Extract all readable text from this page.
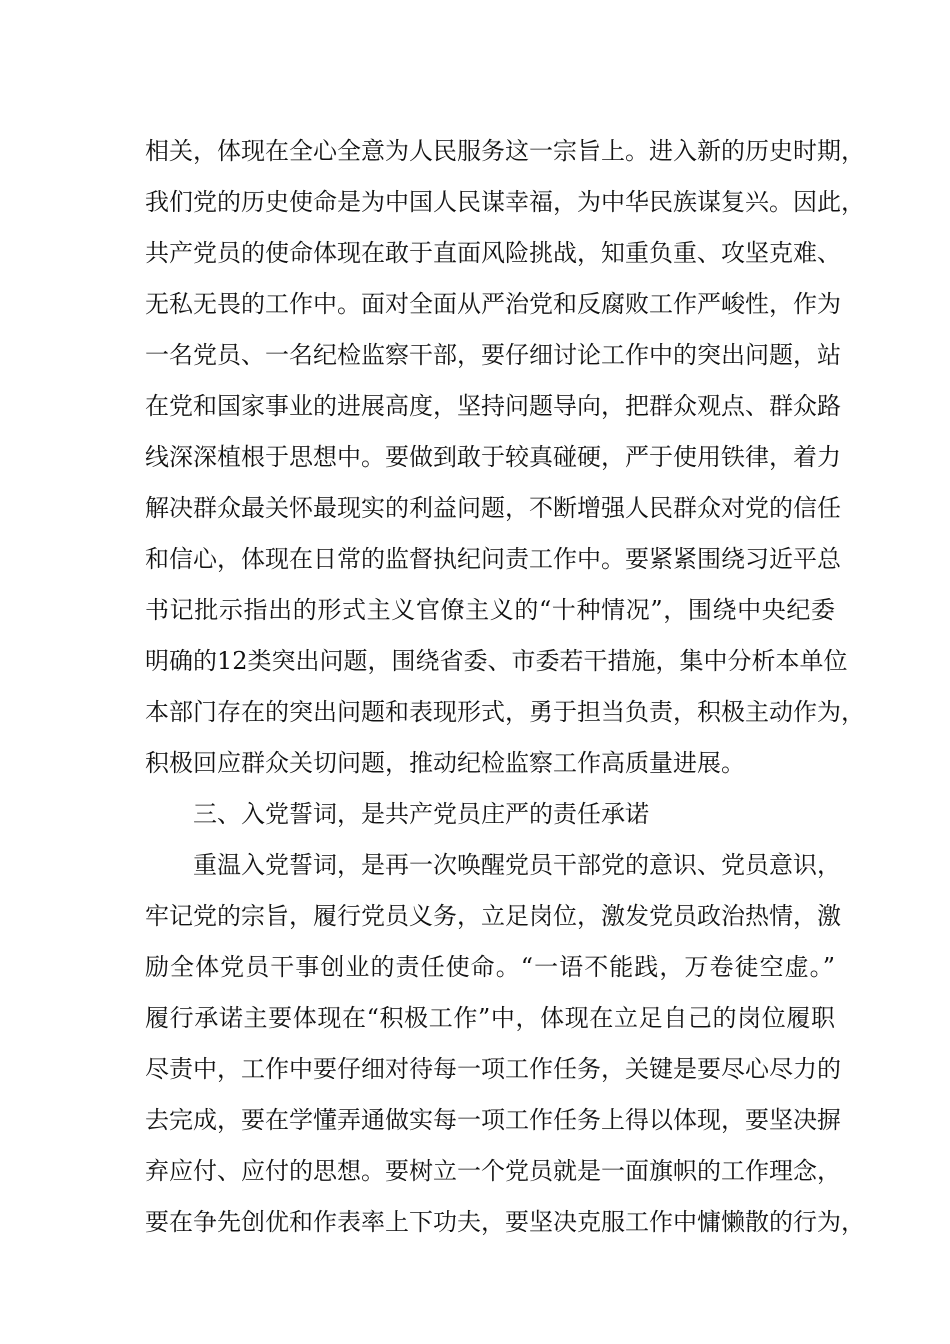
相关，体现在全心全意为人民服务这一宗旨上。进入新的历史时期，
我们党的历史使命是为中国人民谋幸福，为中华民族谋复兴。因此，
共产党员的使命体现在敢于直面风险挑战，知重负重、攻坚克难、
无私无畏的工作中。面对全面从严治党和反腐败工作严峻性，作为
一名党员、一名纪检监察干部，要仔细讨论工作中的突出问题，站
在党和国家事业的进展高度，坚持问题导向，把群众观点、群众路
线深深植根于思想中。要做到敢于较真碰硬，严于使用铁律，着力
解决群众最关怀最现实的利益问题，不断增强人民群众对党的信任
和信心，体现在日常的监督执纪问责工作中。要紧紧围绕习近平总
书记批示指出的形式主义官僚主义的“十种情况”，围绕中央纪委
明确的12类突出问题，围绕省委、市委若干措施，集中分析本单位
本部门存在的突出问题和表现形式，勇于担当负责，积极主动作为，
积极回应群众关切问题，推动纪检监察工作高质量进展。
三、入党誓词，是共产党员庄严的责任承诺
重温入党誓词，是再一次唤醒党员干部党的意识、党员意识，
牢记党的宗旨，履行党员义务，立足岗位，激发党员政治热情，激
励全体党员干事创业的责任使命。“一语不能践，万卷徒空虚。”
履行承诺主要体现在“积极工作”中，体现在立足自己的岗位履职
尽责中，工作中要仔细对待每一项工作任务，关键是要尽心尽力的
去完成，要在学懂弄通做实每一项工作任务上得以体现，要坚决摒
弃应付、应付的思想。要树立一个党员就是一面旗帜的工作理念，
要在争先创优和作表率上下功夫，要坚决克服工作中慵懒散的行为，
